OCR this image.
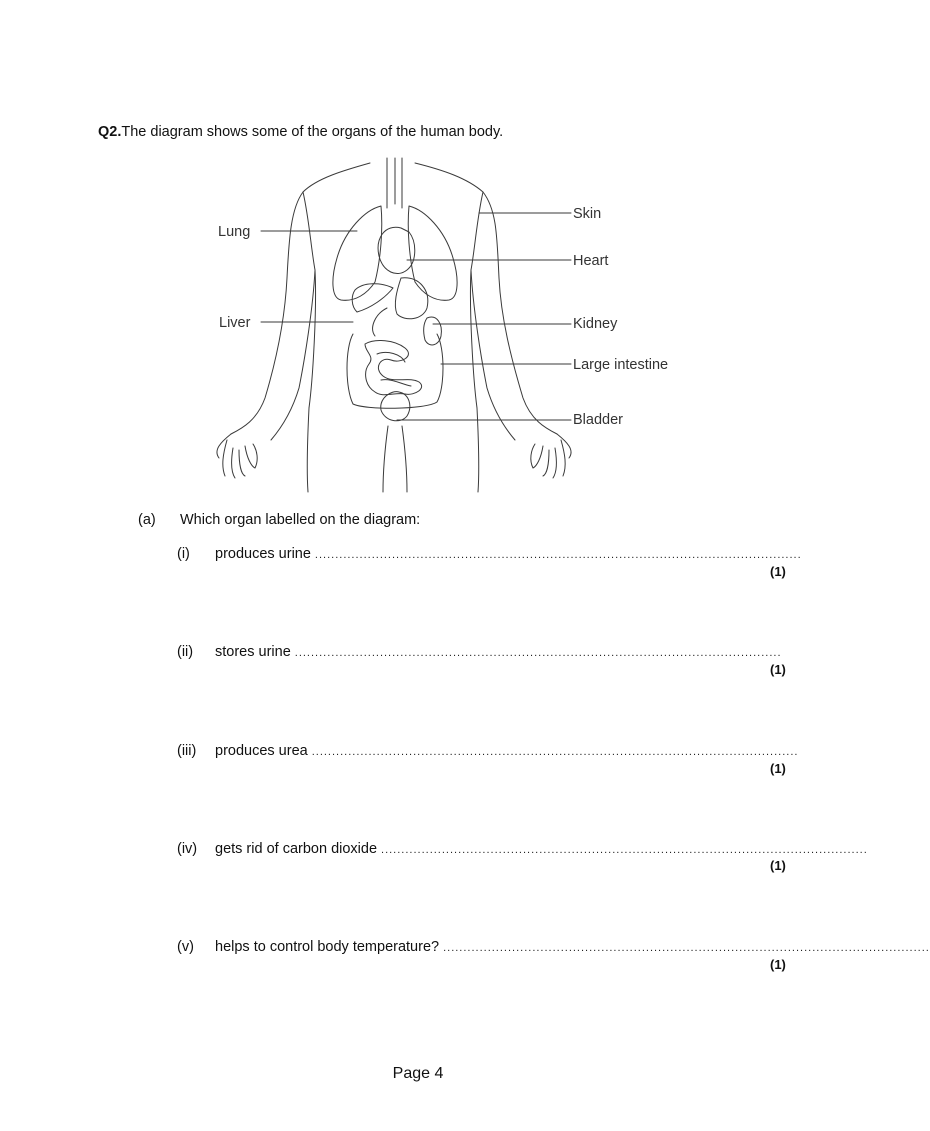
Q2.The diagram shows some of the organs of the human body.
Lung
Liver
Skin
Heart
Kidney
Large intestine
Bladder
(a) Which organ labelled on the diagram:
(i)	produces urine ........................................................................................................................
(1)
(ii)	stores urine ........................................................................................................................
(1)
(iii)	produces urea ........................................................................................................................
(1)
(iv)	gets rid of carbon dioxide ........................................................................................................................
(1)
(v)	helps to control body temperature? ........................................................................................................................
(1)
Page 4
